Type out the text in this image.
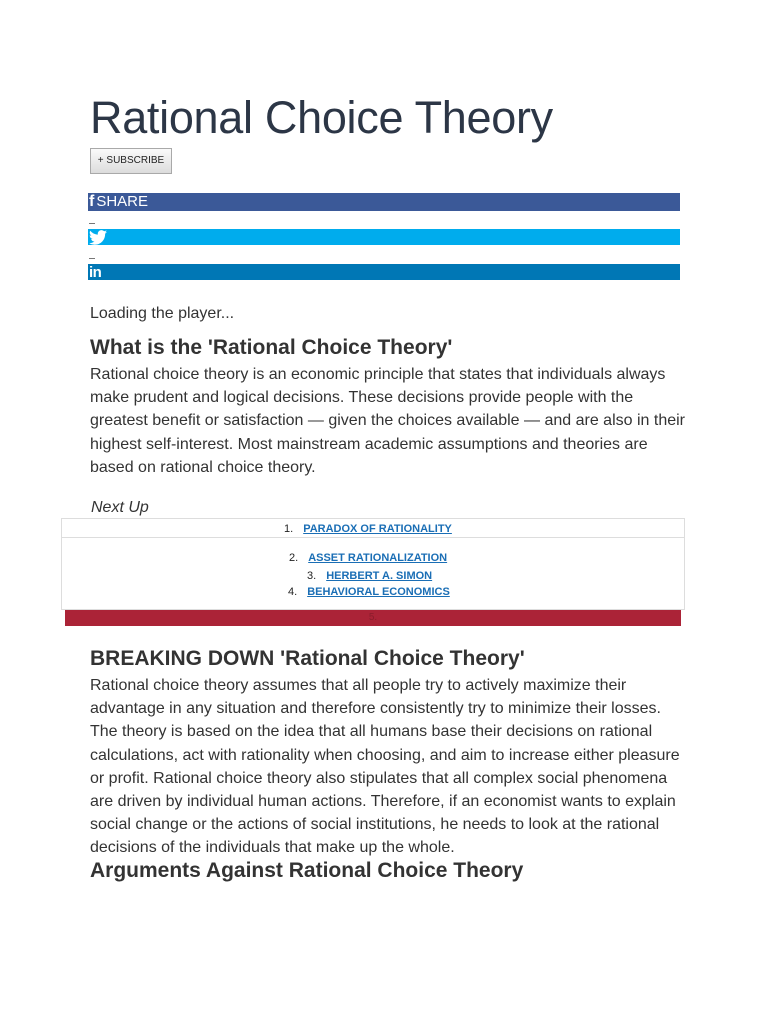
Rational Choice Theory
+ SUBSCRIBE
f SHARE
in

Loading the player...

What is the 'Rational Choice Theory'

Rational choice theory is an economic principle that states that individuals always make prudent and logical decisions. These decisions provide people with the greatest benefit or satisfaction — given the choices available — and are also in their highest self-interest. Most mainstream academic assumptions and theories are based on rational choice theory.

Next Up

1. PARADOX OF RATIONALITY
2. ASSET RATIONALIZATION
3. HERBERT A. SIMON
4. BEHAVIORAL ECONOMICS
5.
BREAKING DOWN 'Rational Choice Theory'

Rational choice theory assumes that all people try to actively maximize their advantage in any situation and therefore consistently try to minimize their losses. The theory is based on the idea that all humans base their decisions on rational calculations, act with rationality when choosing, and aim to increase either pleasure or profit. Rational choice theory also stipulates that all complex social phenomena are driven by individual human actions. Therefore, if an economist wants to explain social change or the actions of social institutions, he needs to look at the rational decisions of the individuals that make up the whole.

Arguments Against Rational Choice Theory
